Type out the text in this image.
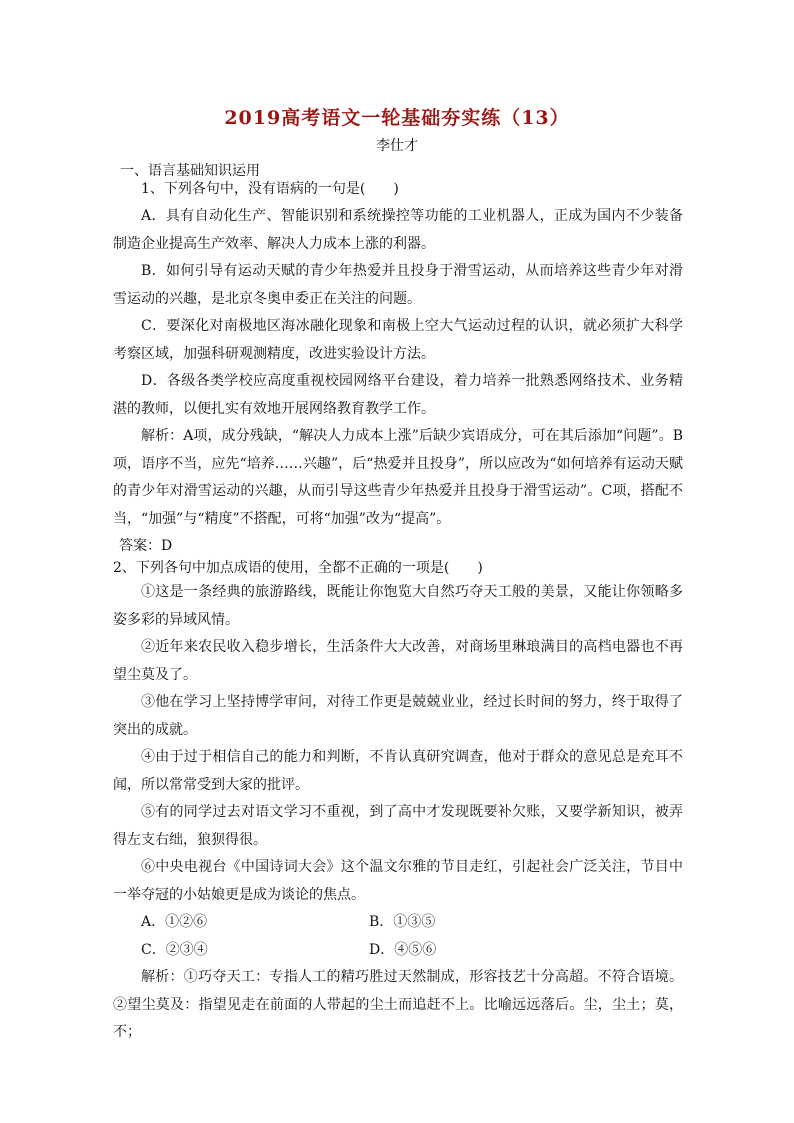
2019高考语文一轮基础夯实练（13）
李仕才
一、语言基础知识运用

1、下列各句中，没有语病的一句是(　　)

A．具有自动化生产、智能识别和系统操控等功能的工业机器人，正成为国内不少装备制造企业提高生产效率、解决人力成本上涨的利器。

B．如何引导有运动天赋的青少年热爱并且投身于滑雪运动，从而培养这些青少年对滑雪运动的兴趣，是北京冬奥申委正在关注的问题。

C．要深化对南极地区海冰融化现象和南极上空大气运动过程的认识，就必须扩大科学考察区域，加强科研观测精度，改进实验设计方法。

D．各级各类学校应高度重视校园网络平台建设，着力培养一批熟悉网络技术、业务精湛的教师，以便扎实有效地开展网络教育教学工作。

解析：A项，成分残缺，“解决人力成本上涨”后缺少宾语成分，可在其后添加“问题”。B项，语序不当，应先“培养……兴趣”，后“热爱并且投身”，所以应改为“如何培养有运动天赋的青少年对滑雪运动的兴趣，从而引导这些青少年热爱并且投身于滑雪运动”。C项，搭配不当，“加强”与“精度”不搭配，可将“加强”改为“提高”。

答案：D

2、下列各句中加点成语的使用，全都不正确的一项是(　　)

①这是一条经典的旅游路线，既能让你饱览大自然巧夺天工般的美景，又能让你领略多姿多彩的异域风情。

②近年来农民收入稳步增长，生活条件大大改善，对商场里琳琅满目的高档电器也不再望尘莫及了。

③他在学习上坚持博学审问，对待工作更是兢兢业业，经过长时间的努力，终于取得了突出的成就。

④由于过于相信自己的能力和判断，不肯认真研究调查，他对于群众的意见总是充耳不闻，所以常常受到大家的批评。

⑤有的同学过去对语文学习不重视，到了高中才发现既要补欠账，又要学新知识，被弄得左支右绌，狼狈得很。

⑥中央电视台《中国诗词大会》这个温文尔雅的节目走红，引起社会广泛关注，节目中一举夺冠的小姑娘更是成为谈论的焦点。

A．①②⑥	B．①③⑤
C．②③④	D．④⑤⑥

解析：①巧夺天工：专指人工的精巧胜过天然制成，形容技艺十分高超。不符合语境。②望尘莫及：指望见走在前面的人带起的尘土而追赶不上。比喻远远落后。尘，尘土；莫，不；
